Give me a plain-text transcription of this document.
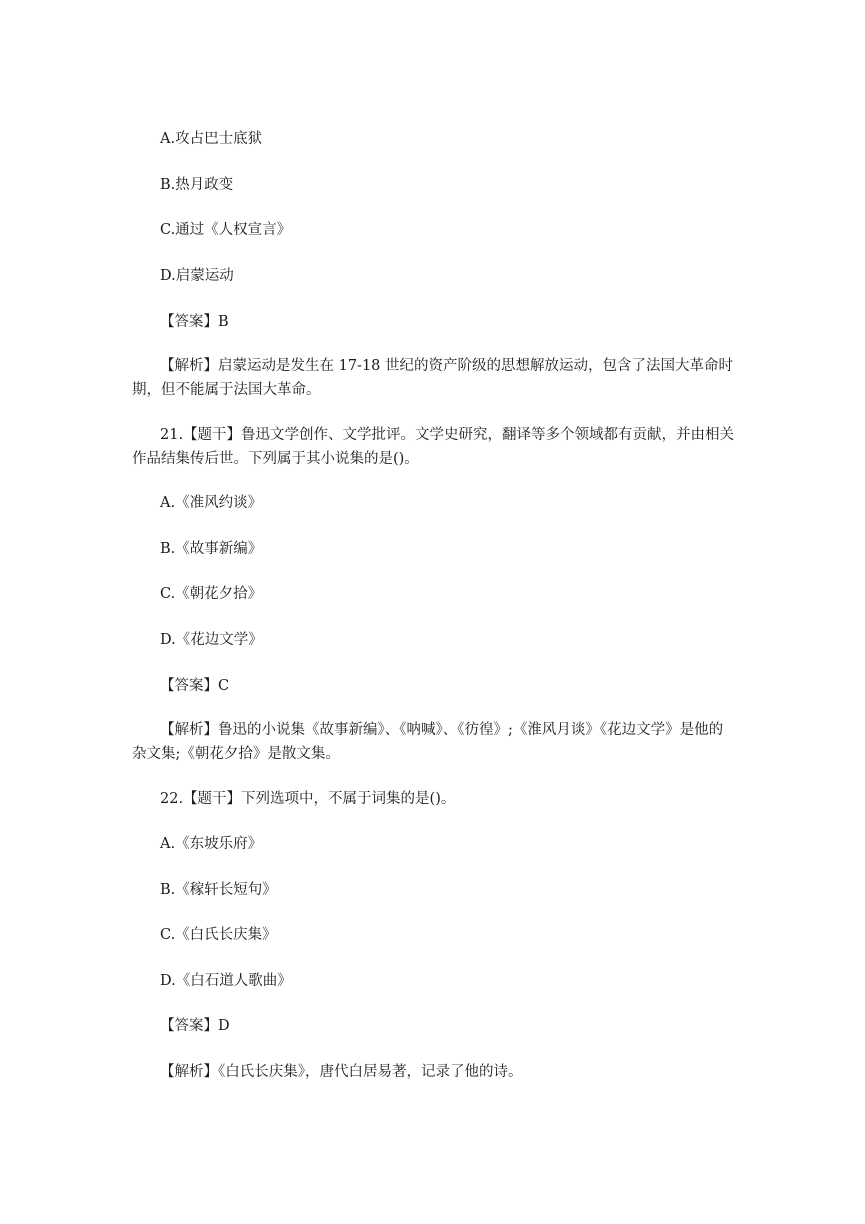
A.攻占巴士底狱

B.热月政变

C.通过《人权宣言》

D.启蒙运动

【答案】B

【解析】启蒙运动是发生在 17-18 世纪的资产阶级的思想解放运动，包含了法国大革命时期，但不能属于法国大革命。

21.【题干】鲁迅文学创作、文学批评。文学史研究，翻译等多个领域都有贡献，并由相关作品结集传后世。下列属于其小说集的是()。

A.《准风约谈》

B.《故事新编》

C.《朝花夕拾》

D.《花边文学》

【答案】C

【解析】鲁迅的小说集《故事新编》、《呐喊》、《彷徨》;《淮风月谈》《花边文学》是他的杂文集;《朝花夕拾》是散文集。

22.【题干】下列选项中，不属于词集的是()。

A.《东坡乐府》

B.《稼轩长短句》

C.《白氏长庆集》

D.《白石道人歌曲》

【答案】D

【解析】《白氏长庆集》，唐代白居易著，记录了他的诗。
